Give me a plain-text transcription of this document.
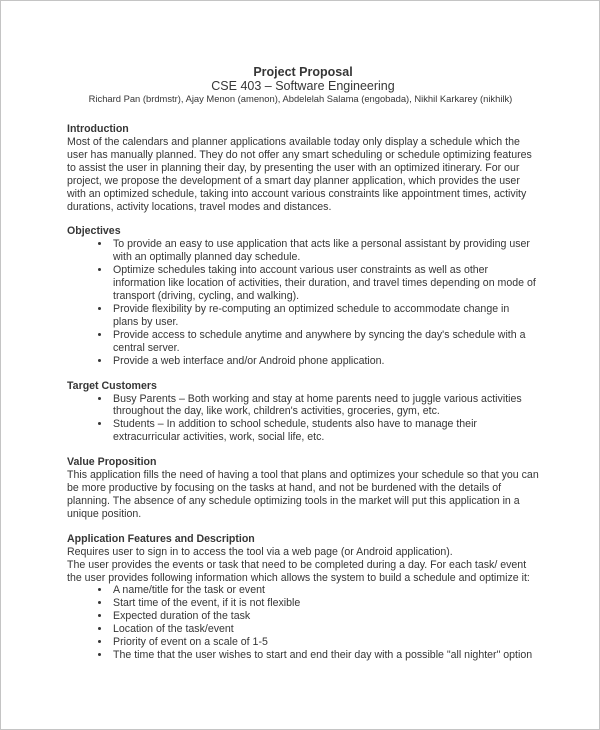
Project Proposal
CSE 403 – Software Engineering
Richard Pan (brdmstr), Ajay Menon (amenon), Abdelelah Salama (engobada), Nikhil Karkarey (nikhilk)
Introduction

Most of the calendars and planner applications available today only display a schedule which the user has manually planned. They do not offer any smart scheduling or schedule optimizing features to assist the user in planning their day, by presenting the user with an optimized itinerary. For our project, we propose the development of a smart day planner application, which provides the user with an optimized schedule, taking into account various constraints like appointment times, activity durations, activity locations, travel modes and distances.

Objectives
• To provide an easy to use application that acts like a personal assistant by providing user with an optimally planned day schedule.
• Optimize schedules taking into account various user constraints as well as other information like location of activities, their duration, and travel times depending on mode of transport (driving, cycling, and walking).
• Provide flexibility by re-computing an optimized schedule to accommodate change in plans by user.
• Provide access to schedule anytime and anywhere by syncing the day's schedule with a central server.
• Provide a web interface and/or Android phone application.
Target Customers
• Busy Parents – Both working and stay at home parents need to juggle various activities throughout the day, like work, children's activities, groceries, gym, etc.
• Students – In addition to school schedule, students also have to manage their extracurricular activities, work, social life, etc.
Value Proposition

This application fills the need of having a tool that plans and optimizes your schedule so that you can be more productive by focusing on the tasks at hand, and not be burdened with the details of planning. The absence of any schedule optimizing tools in the market will put this application in a unique position.

Application Features and Description

Requires user to sign in to access the tool via a web page (or Android application).

The user provides the events or task that need to be completed during a day. For each task/ event the user provides following information which allows the system to build a schedule and optimize it:

• A name/title for the task or event
• Start time of the event, if it is not flexible
• Expected duration of the task
• Location of the task/event
• Priority of event on a scale of 1-5
• The time that the user wishes to start and end their day with a possible "all nighter" option
